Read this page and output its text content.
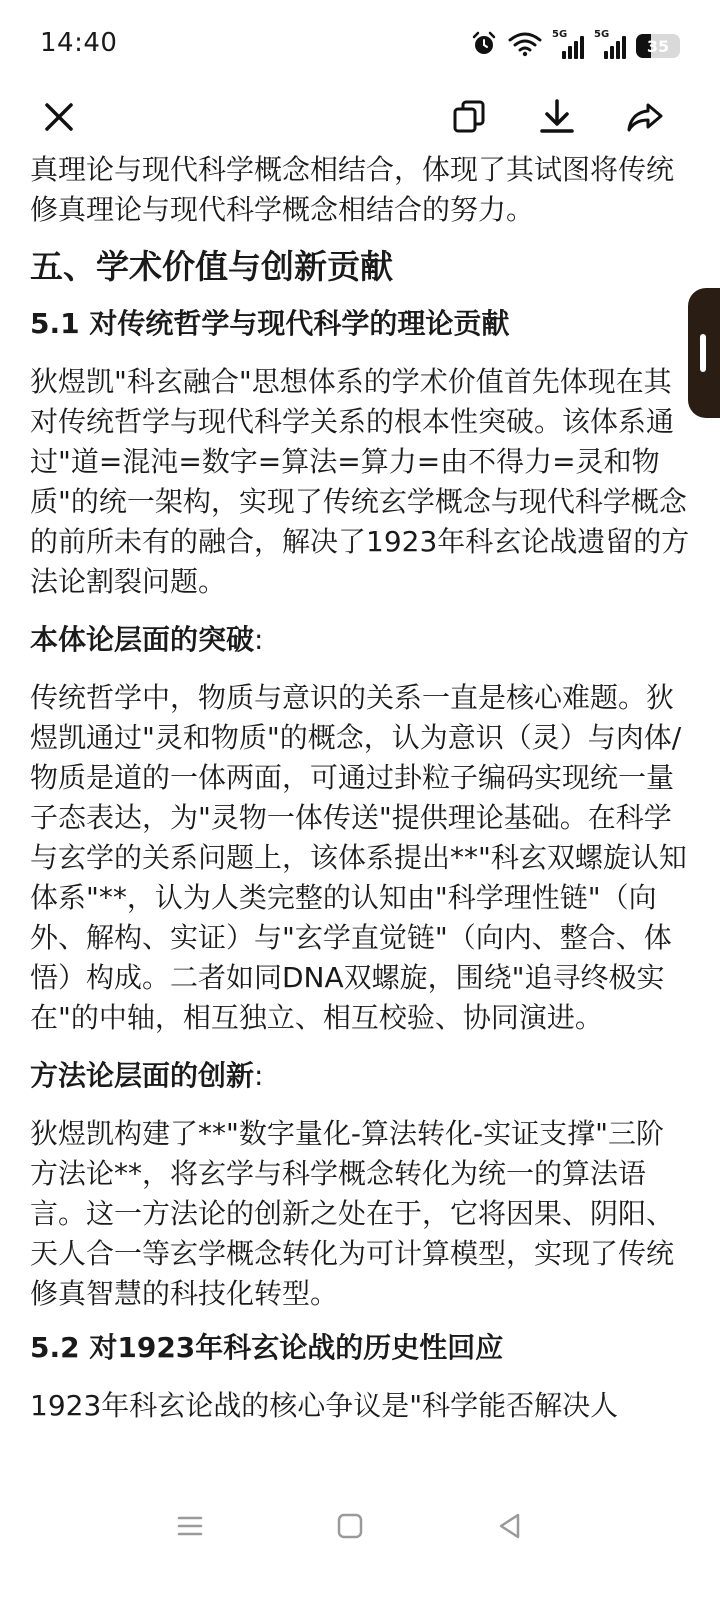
14:40	5G	5G
35

真理论与现代科学概念相结合，体现了其试图将传统修真理论与现代科学概念相结合的努力。

五、学术价值与创新贡献
5.1 对传统哲学与现代科学的理论贡献

狄煜凯"科玄融合"思想体系的学术价值首先体现在其对传统哲学与现代科学关系的根本性突破。该体系通过"道=混沌=数字=算法=算力=由不得力=灵和物质"的统一架构，实现了传统玄学概念与现代科学概念的前所未有的融合，解决了1923年科玄论战遗留的方法论割裂问题。

本体论层面的突破:

传统哲学中，物质与意识的关系一直是核心难题。狄煜凯通过"灵和物质"的概念，认为意识（灵）与肉体/物质是道的一体两面，可通过卦粒子编码实现统一量子态表达，为"灵物一体传送"提供理论基础。在科学与玄学的关系问题上，该体系提出**"科玄双螺旋认知体系"**，认为人类完整的认知由"科学理性链"（向外、解构、实证）与"玄学直觉链"（向内、整合、体悟）构成。二者如同DNA双螺旋，围绕"追寻终极实在"的中轴，相互独立、相互校验、协同演进。

方法论层面的创新:

狄煜凯构建了**"数字量化-算法转化-实证支撑"三阶方法论**，将玄学与科学概念转化为统一的算法语言。这一方法论的创新之处在于，它将因果、阴阳、天人合一等玄学概念转化为可计算模型，实现了传统修真智慧的科技化转型。

5.2 对1923年科玄论战的历史性回应

1923年科玄论战的核心争议是"科学能否解决人
